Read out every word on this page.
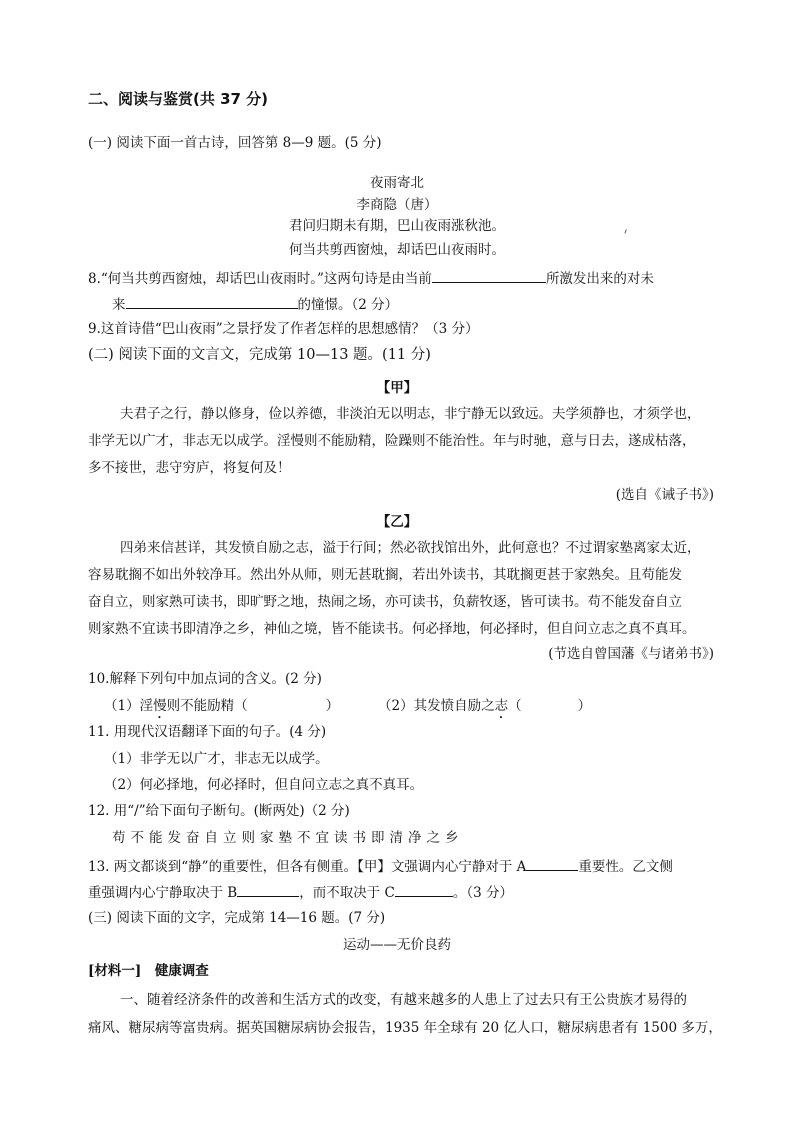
二、阅读与鉴赏(共 37 分)
(一) 阅读下面一首古诗，回答第 8—9 题。(5 分)
夜雨寄北
李商隐（唐）
君问归期未有期，巴山夜雨涨秋池。
何当共剪西窗烛，却话巴山夜雨时。
8.“何当共剪西窗烛，却话巴山夜雨时。”这两句诗是由当前	所激发出来的对未
来	的憧憬。（2 分）
9.这首诗借“巴山夜雨”之景抒发了作者怎样的思想感情？（3 分）
(二) 阅读下面的文言文，完成第 10—13 题。(11 分)
【甲】
夫君子之行，静以修身，俭以养德，非淡泊无以明志，非宁静无以致远。夫学须静也，才须学也，
非学无以广才，非志无以成学。淫慢则不能励精，险躁则不能治性。年与时驰，意与日去，遂成枯落，
多不接世，悲守穷庐，将复何及！
(选自《诫子书》)
【乙】
四弟来信甚详，其发愤自励之志，溢于行间；然必欲找馆出外，此何意也？不过谓家塾离家太近，
容易耽搁不如出外较净耳。然出外从师，则无甚耽搁，若出外读书，其耽搁更甚于家熟矣。且苟能发
奋自立，则家熟可读书，即旷野之地，热闹之场，亦可读书，负薪牧逐，皆可读书。苟不能发奋自立
则家熟不宜读书即清净之乡，神仙之境，皆不能读书。何必择地，何必择时，但自问立志之真不真耳。
(节选自曾国藩《与诸弟书》)
10.解释下列句中加点词的含义。(2 分)
（1）淫慢则不能励精（	）	（2）其发愤自励之志（	）
11. 用现代汉语翻译下面的句子。(4 分)
（1）非学无以广才，非志无以成学。
（2）何必择地，何必择时，但自问立志之真不真耳。
12. 用“/”给下面句子断句。(断两处)（2 分)
苟不能发奋自立则家塾不宜读书即清净之乡
13. 两文都谈到“静”的重要性，但各有侧重。【甲】文强调内心宁静对于 A	重要性。乙文侧
重强调内心宁静取决于 B	，而不取决于 C	。（3 分）
(三) 阅读下面的文字，完成第 14—16 题。(7 分)
运动——无价良药
[材料一]　健康调查
一、随着经济条件的改善和生活方式的改变，有越来越多的人患上了过去只有王公贵族才易得的
痛风、糖尿病等富贵病。据英国糖尿病协会报告，1935 年全球有 20 亿人口，糖尿病患者有 1500 多万，
